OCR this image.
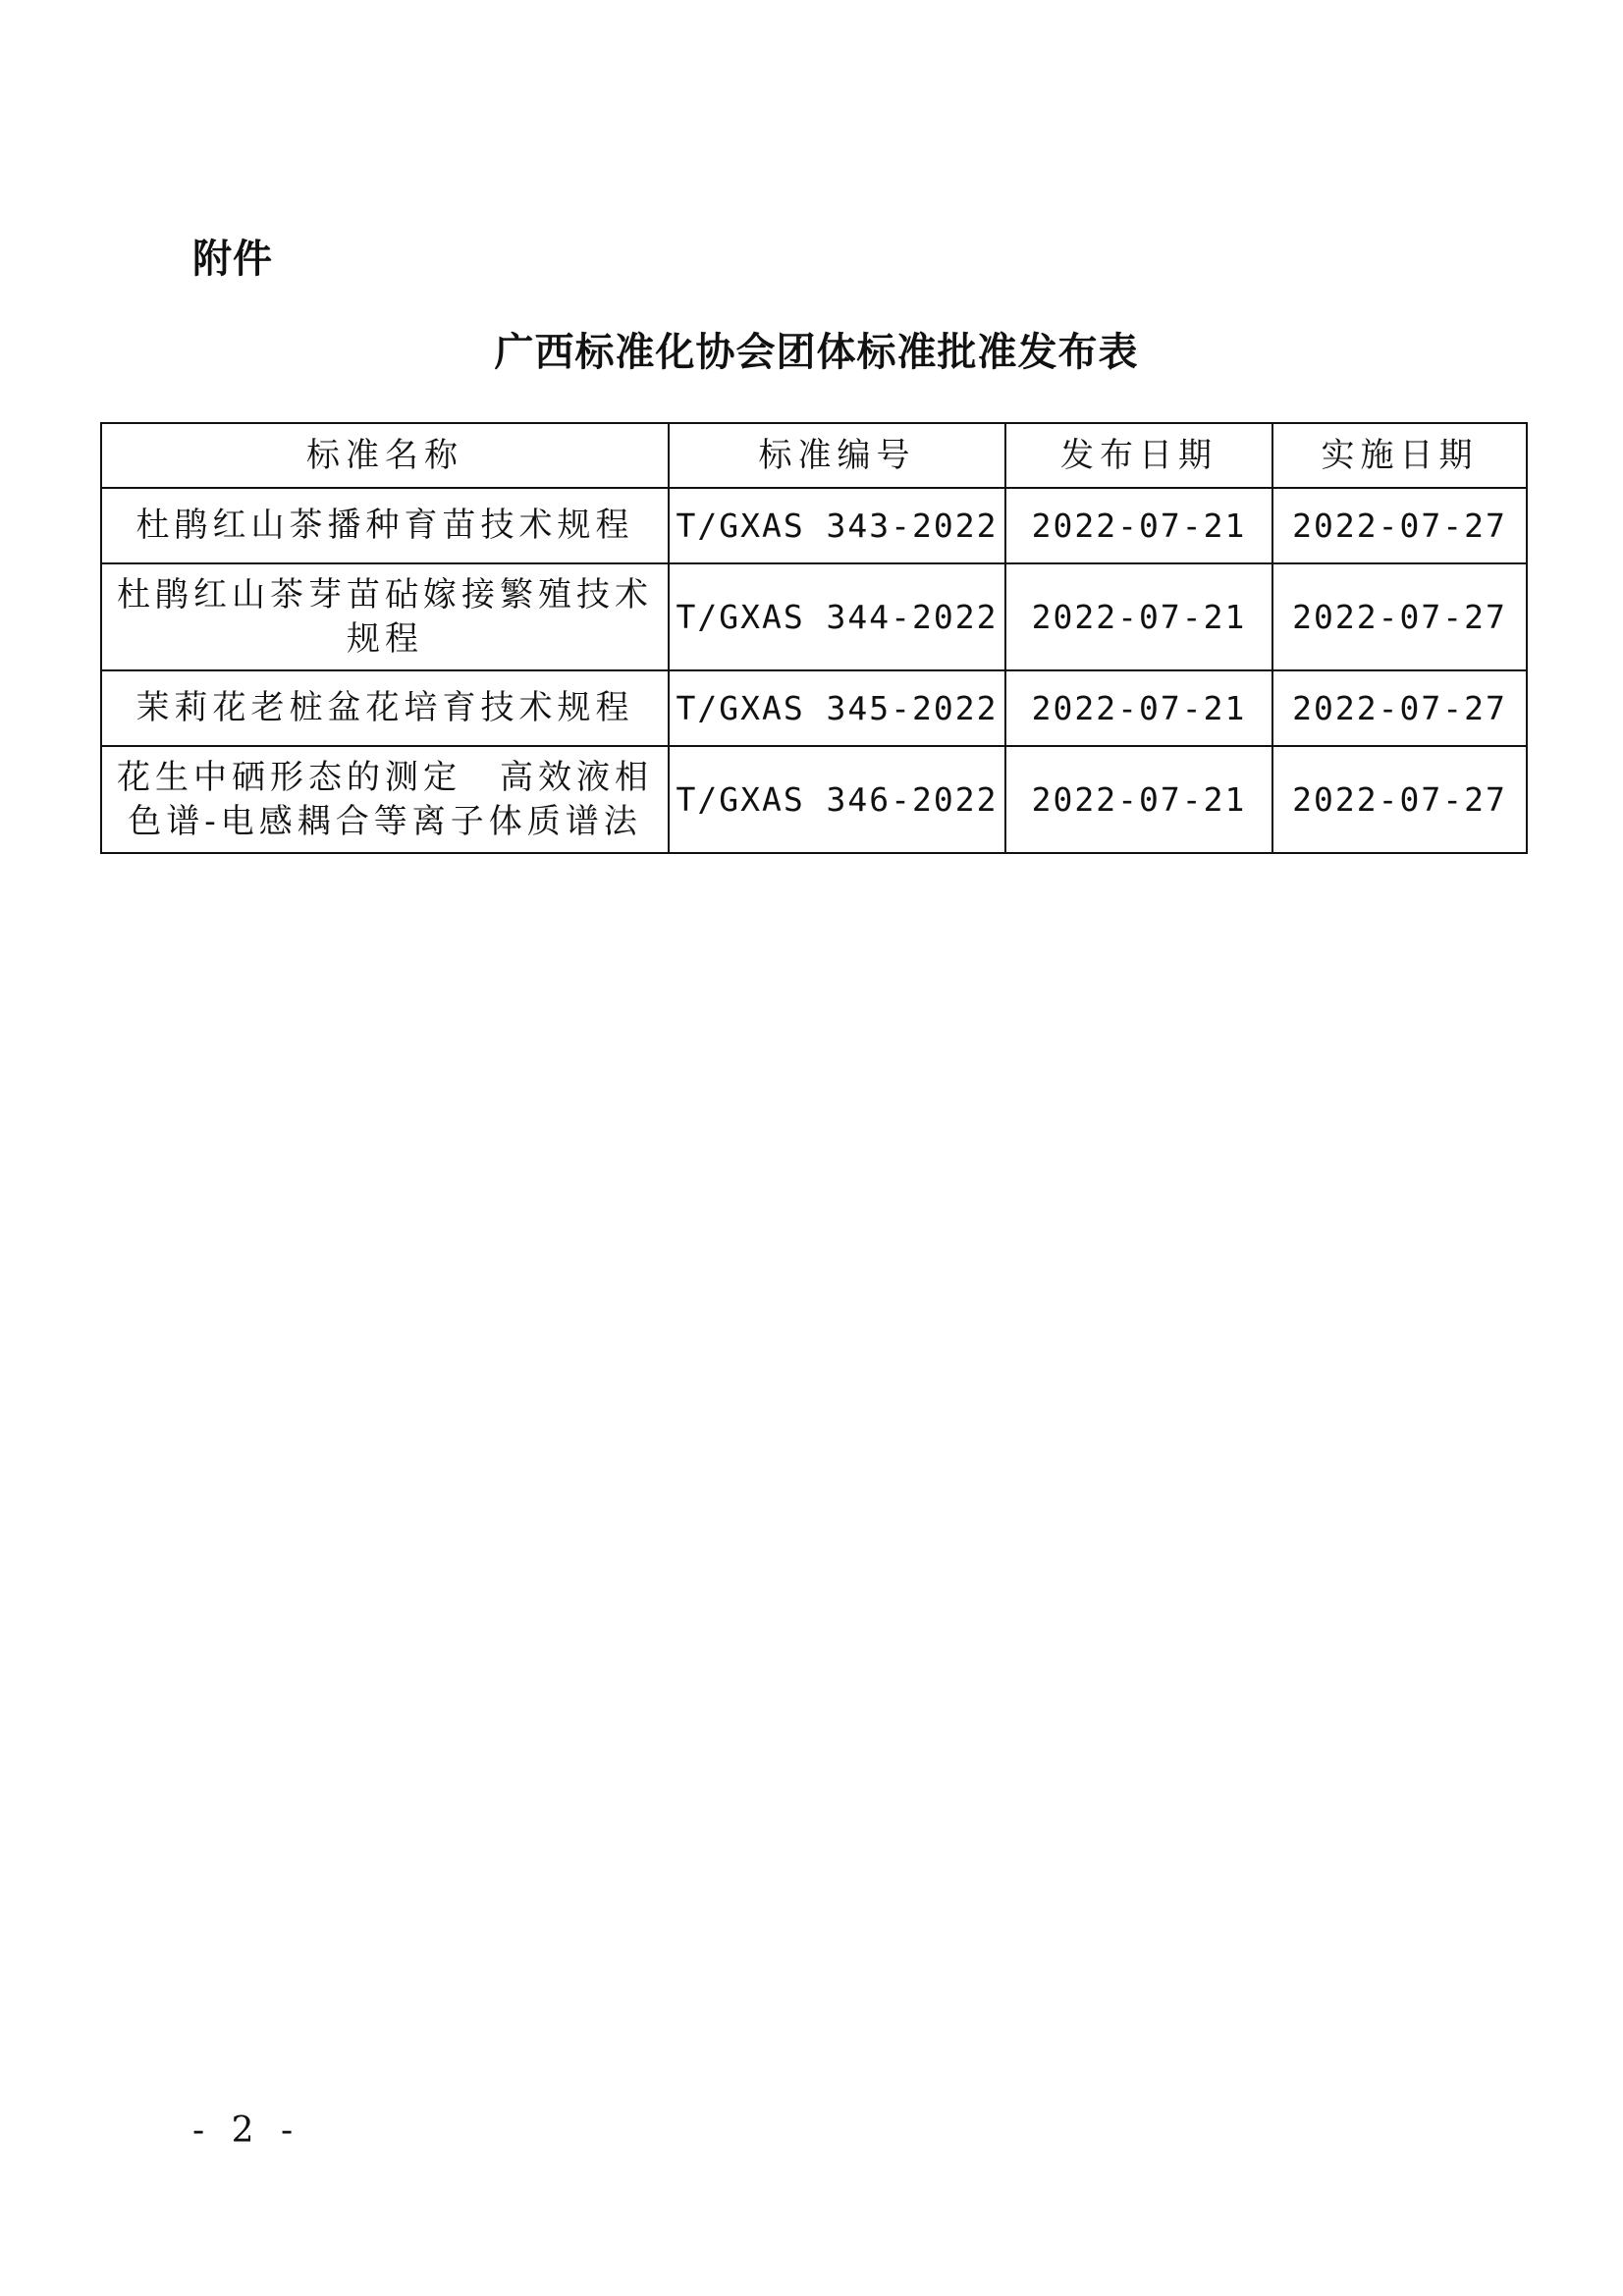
附件
广西标准化协会团体标准批准发布表
标准名称	标准编号	发布日期	实施日期
杜鹃红山茶播种育苗技术规程	T/GXAS 343-2022	2022-07-21	2022-07-27
杜鹃红山茶芽苗砧嫁接繁殖技术规程	T/GXAS 344-2022	2022-07-21	2022-07-27
茉莉花老桩盆花培育技术规程	T/GXAS 345-2022	2022-07-21	2022-07-27
花生中硒形态的测定　高效液相色谱-电感耦合等离子体质谱法	T/GXAS 346-2022	2022-07-21	2022-07-27
- 2 -
